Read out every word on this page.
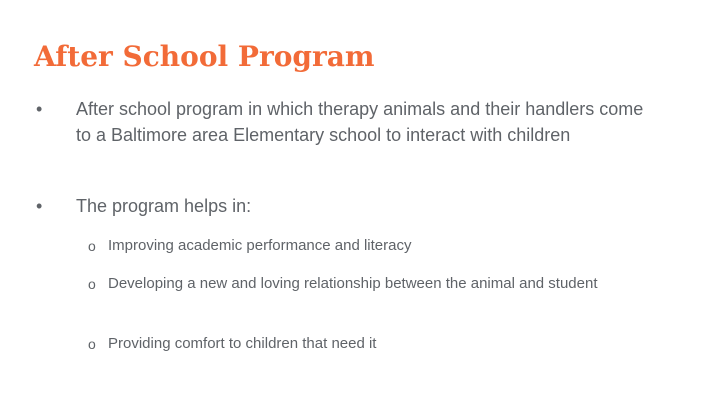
After School Program
• After school program in which therapy animals and their handlers come to a Baltimore area Elementary school to interact with children
• The program helps in:
o Improving academic performance and literacy
o Developing a new and loving relationship between the animal and student
o Providing comfort to children that need it
